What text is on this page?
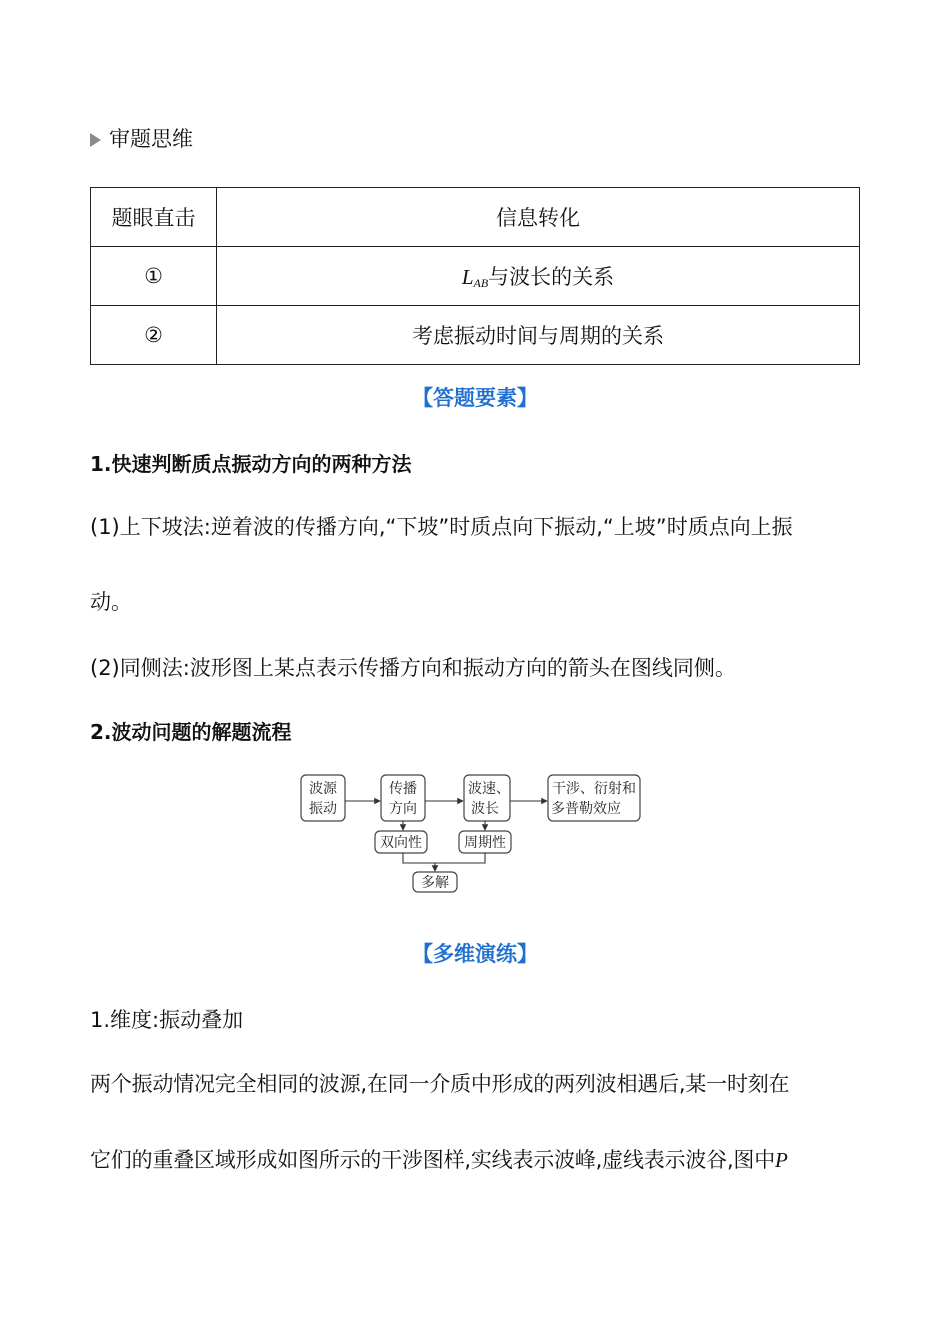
审题思维
题眼直击	信息转化
①	$L_{AB}$与波长的关系
②	考虑振动时间与周期的关系
【答题要素】
1.快速判断质点振动方向的两种方法
(1)上下坡法:逆着波的传播方向,“下坡”时质点向下振动,“上坡”时质点向上振
动。
(2)同侧法:波形图上某点表示传播方向和振动方向的箭头在图线同侧。
2.波动问题的解题流程
波源
振动
传播
方向
波速、
波长
干涉、衍射和
多普勒效应
双向性	周期性
多解
【多维演练】
1.维度:振动叠加
两个振动情况完全相同的波源,在同一介质中形成的两列波相遇后,某一时刻在
它们的重叠区域形成如图所示的干涉图样,实线表示波峰,虚线表示波谷,图中P
